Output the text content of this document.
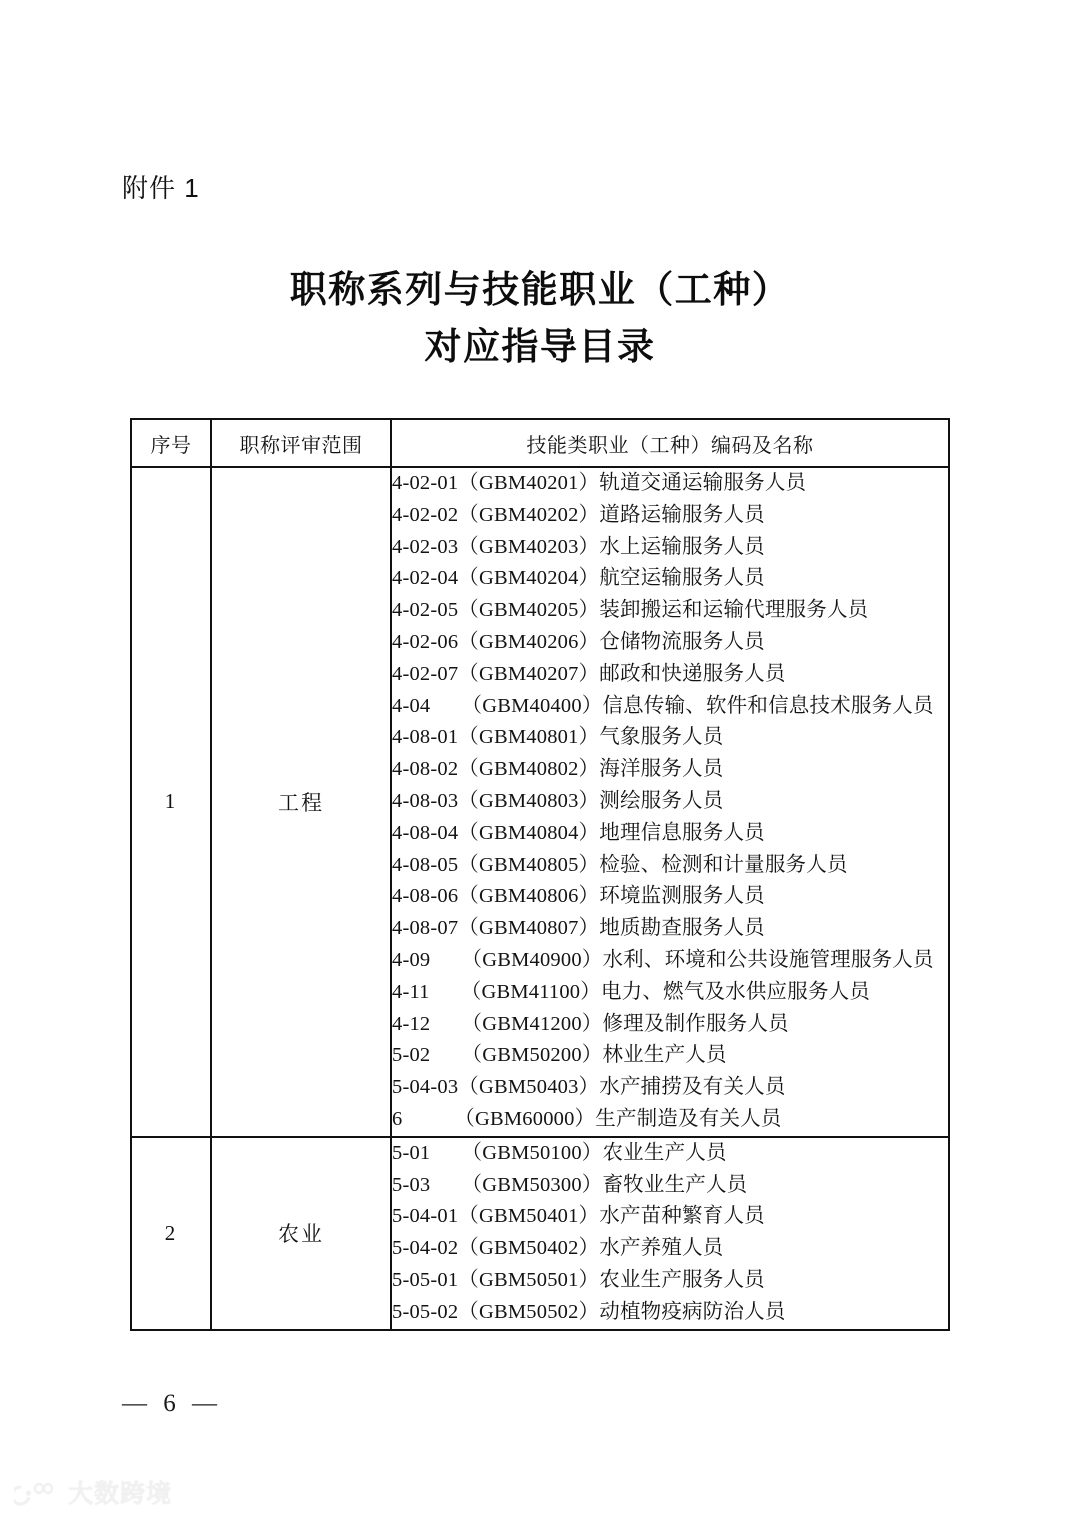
附件 1
职称系列与技能职业（工种）
对应指导目录
序号	职称评审范围	技能类职业（工种）编码及名称
1	工程	
4-02-01（GBM40201）轨道交通运输服务人员
4-02-02（GBM40202）道路运输服务人员
4-02-03（GBM40203）水上运输服务人员
4-02-04（GBM40204）航空运输服务人员
4-02-05（GBM40205）装卸搬运和运输代理服务人员
4-02-06（GBM40206）仓储物流服务人员
4-02-07（GBM40207）邮政和快递服务人员
4-04　　（GBM40400）信息传输、软件和信息技术服务人员
4-08-01（GBM40801）气象服务人员
4-08-02（GBM40802）海洋服务人员
4-08-03（GBM40803）测绘服务人员
4-08-04（GBM40804）地理信息服务人员
4-08-05（GBM40805）检验、检测和计量服务人员
4-08-06（GBM40806）环境监测服务人员
4-08-07（GBM40807）地质勘查服务人员
4-09　　（GBM40900）水利、环境和公共设施管理服务人员
4-11　　（GBM41100）电力、燃气及水供应服务人员
4-12　　（GBM41200）修理及制作服务人员
5-02　　（GBM50200）林业生产人员
5-04-03（GBM50403）水产捕捞及有关人员
6　　　（GBM60000）生产制造及有关人员

2	农业	
5-01　　（GBM50100）农业生产人员
5-03　　（GBM50300）畜牧业生产人员
5-04-01（GBM50401）水产苗种繁育人员
5-04-02（GBM50402）水产养殖人员
5-05-01（GBM50501）农业生产服务人员
5-05-02（GBM50502）动植物疫病防治人员
— 6 —
大数跨境
